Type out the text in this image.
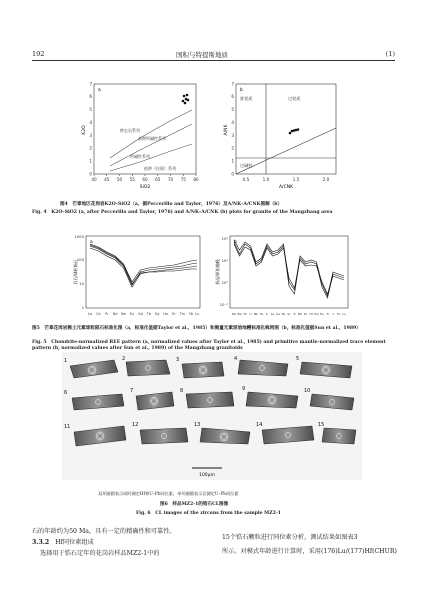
192	国积与特提斯地质	(1)
40 45 50 55 60 65 70 75 80
0
1
2
3
4
5
6
7
a
K2O
SiO2
钾玄岩系列
高钾钙碱性系列
钙碱性系列
低钾（拉斑）系列
0.5	1.0	1.5	2.0
0
1
2
3
4
5
6
7
b
A/NK
A/CNK
准铝质	过铝质
过碱性
图4　芒章地区花岗岩K2O–SiO2（a，据Peccerillo and Taylor，1976）及A/NK–A/CNK图解（b）
Fig. 4　K2O–SiO2 (a, after Peccerillo and Taylor, 1976) and A/NK–A/CNK (b) plots for granite of the Mangzhang area
a
岩石/球粒陨石
1
10
100
1000
La Ce Pr Nd Sm Eu Gd	Tb Dy Ho Er	Tm Yb Lu
b
样品/原始地幔
10²
10¹
10⁰
10⁻¹
Rb Ba Th U Nb Ta K La Ce Pb Sr P Nd Zr Hf Sm Eu Ti Y Yb Lu
图5　芒章花岗岩稀土元素球粒陨石标准化图（a，标准化值据Taylor et al.，1985）和微量元素原始地幔标准化蛛网图（b，标准化值据Sun et al.，1989）
Fig. 5　Chondrite-normalized REE pattern (a, normalized values after Taylor et al., 1985) and primitive mantle-normalized trace element pattern (b, normalized values after Sun et al., 1989) of the Mangzhang granitoids
1	2	3	4	5
6	7	8	9	10
11	12	13	14	15
100μm
双环圈圆表示同时测定Hf和U–Pb同位素，单环圈圆表示仅测定U–Pb同位素
图6　样品MZ2-1的锆石CL图像
Fig. 6　CL images of the zircons from the sample MZ2-1
石的年龄约为50 Ma，具有一定的精确性和可靠性。
3.3.2 Hf同位素组成
选择用于锆石定年的花岗岩样品MZ2-1中的
15个锆石颗粒进行同位素分析，测试结果如图表3
所示。对模式年龄进行计算时，采用(176)Lu/(177)Hf(CHUR)
